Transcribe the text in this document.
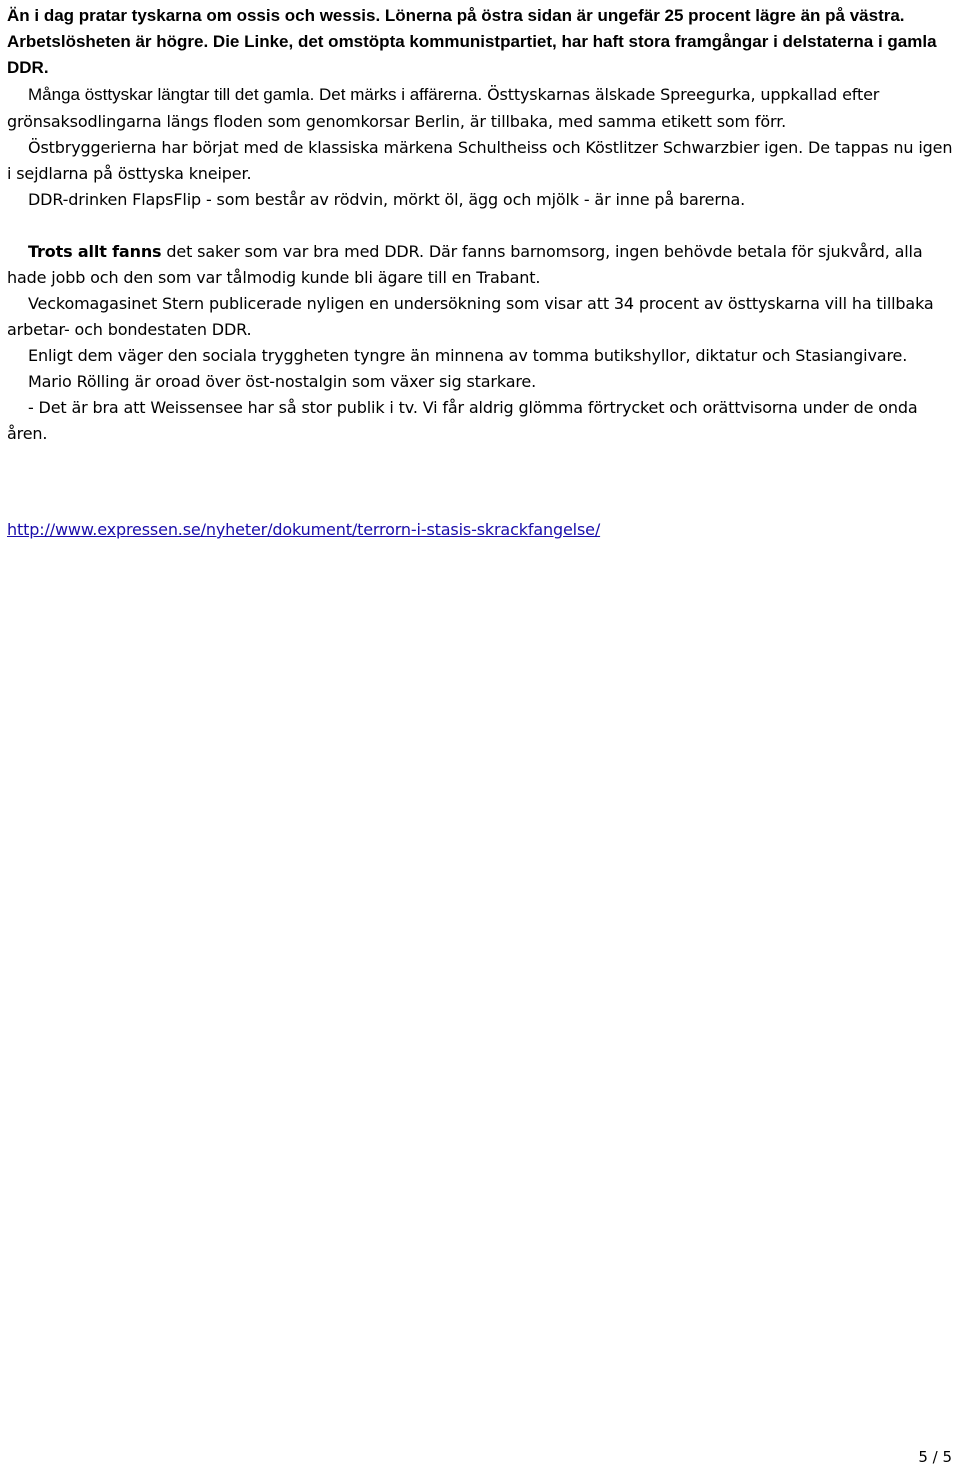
Än i dag pratar tyskarna om ossis och wessis. Lönerna på östra sidan är ungefär 25 procent lägre än på västra. Arbetslösheten är högre. Die Linke, det omstöpta kommunistpartiet, har haft stora framgångar i delstaterna i gamla DDR.

Många östtyskar längtar till det gamla. Det märks i affärerna. Östtyskarnas älskade Spreegurka, uppkallad efter grönsaksodlingarna längs floden som genomkorsar Berlin, är tillbaka, med samma etikett som förr.

Östbryggerierna har börjat med de klassiska märkena Schultheiss och Köstlitzer Schwarzbier igen. De tappas nu igen i sejdlarna på östtyska kneiper.

DDR-drinken FlapsFlip - som består av rödvin, mörkt öl, ägg och mjölk - är inne på barerna.

Trots allt fanns det saker som var bra med DDR. Där fanns barnomsorg, ingen behövde betala för sjukvård, alla hade jobb och den som var tålmodig kunde bli ägare till en Trabant.

Veckomagasinet Stern publicerade nyligen en undersökning som visar att 34 procent av östtyskarna vill ha tillbaka arbetar- och bondestaten DDR.

Enligt dem väger den sociala tryggheten tyngre än minnena av tomma butikshyllor, diktatur och Stasiangivare.

Mario Rölling är oroad över öst-nostalgin som växer sig starkare.

- Det är bra att Weissensee har så stor publik i tv. Vi får aldrig glömma förtrycket och orättvisorna under de onda åren.

http://www.expressen.se/nyheter/dokument/terrorn-i-stasis-skrackfangelse/

5 / 5
